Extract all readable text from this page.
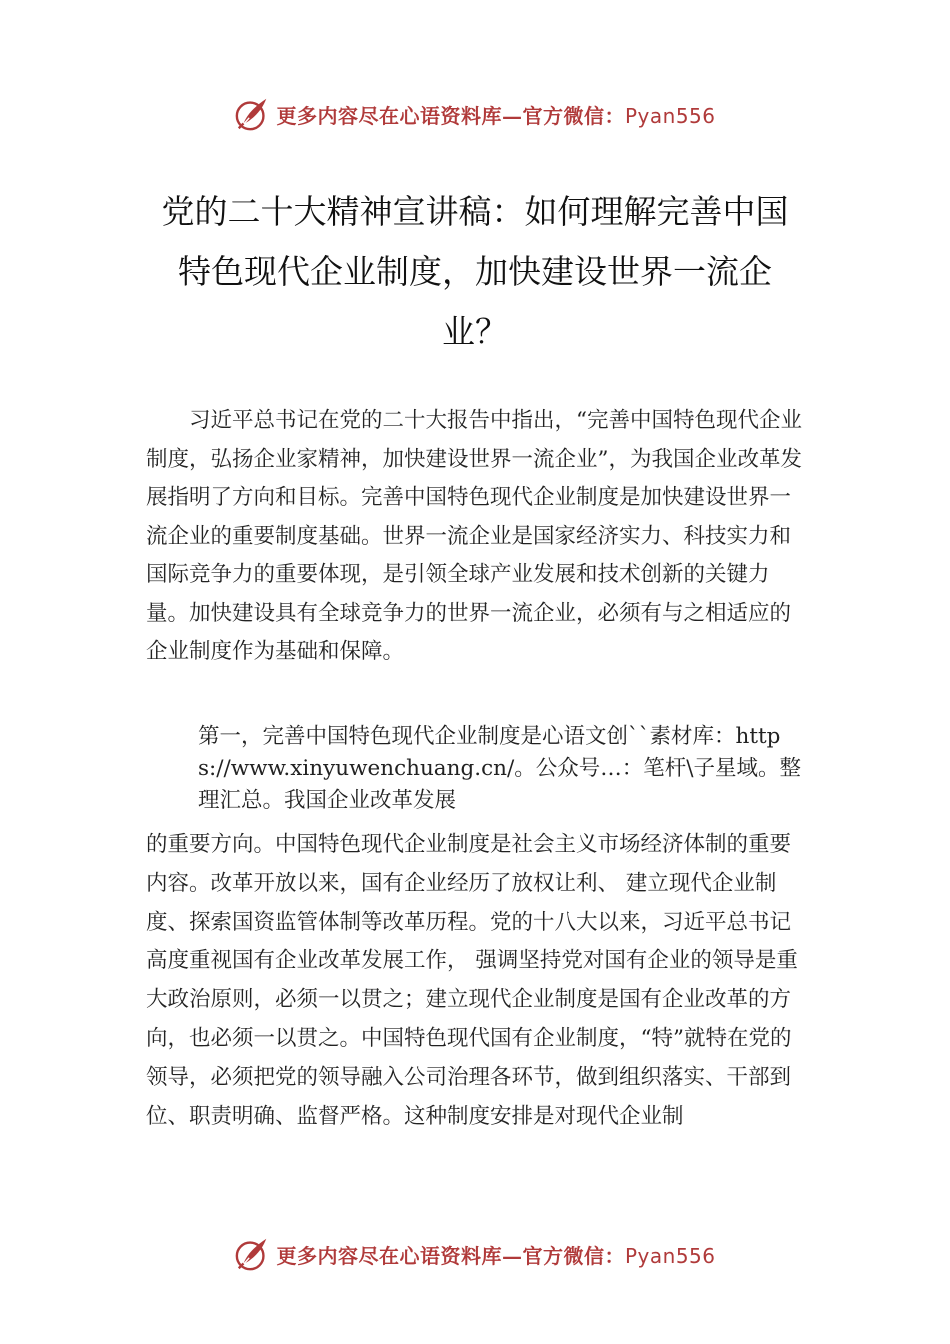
更多内容尽在心语资料库—官方微信：Pyan556
党的二十大精神宣讲稿：如何理解完善中国特色现代企业制度，加快建设世界一流企业？

习近平总书记在党的二十大报告中指出，“完善中国特色现代企业制度，弘扬企业家精神，加快建设世界一流企业”，为我国企业改革发展指明了方向和目标。完善中国特色现代企业制度是加快建设世界一流企业的重要制度基础。世界一流企业是国家经济实力、科技实力和国际竞争力的重要体现，是引领全球产业发展和技术创新的关键力量。加快建设具有全球竞争力的世界一流企业，必须有与之相适应的企业制度作为基础和保障。

第一，完善中国特色现代企业制度是心语文创``素材库：https://www.xinyuwenchuang.cn/。公众号…：笔杆\子星域。整理汇总。我国企业改革发展

的重要方向。中国特色现代企业制度是社会主义市场经济体制的重要内容。改革开放以来，国有企业经历了放权让利、 建立现代企业制度、探索国资监管体制等改革历程。党的十八大以来，习近平总书记高度重视国有企业改革发展工作， 强调坚持党对国有企业的领导是重大政治原则，必须一以贯之；建立现代企业制度是国有企业改革的方向，也必须一以贯之。中国特色现代国有企业制度，“特”就特在党的领导，必须把党的领导融入公司治理各环节，做到组织落实、干部到位、职责明确、监督严格。这种制度安排是对现代企业制

更多内容尽在心语资料库—官方微信：Pyan556
